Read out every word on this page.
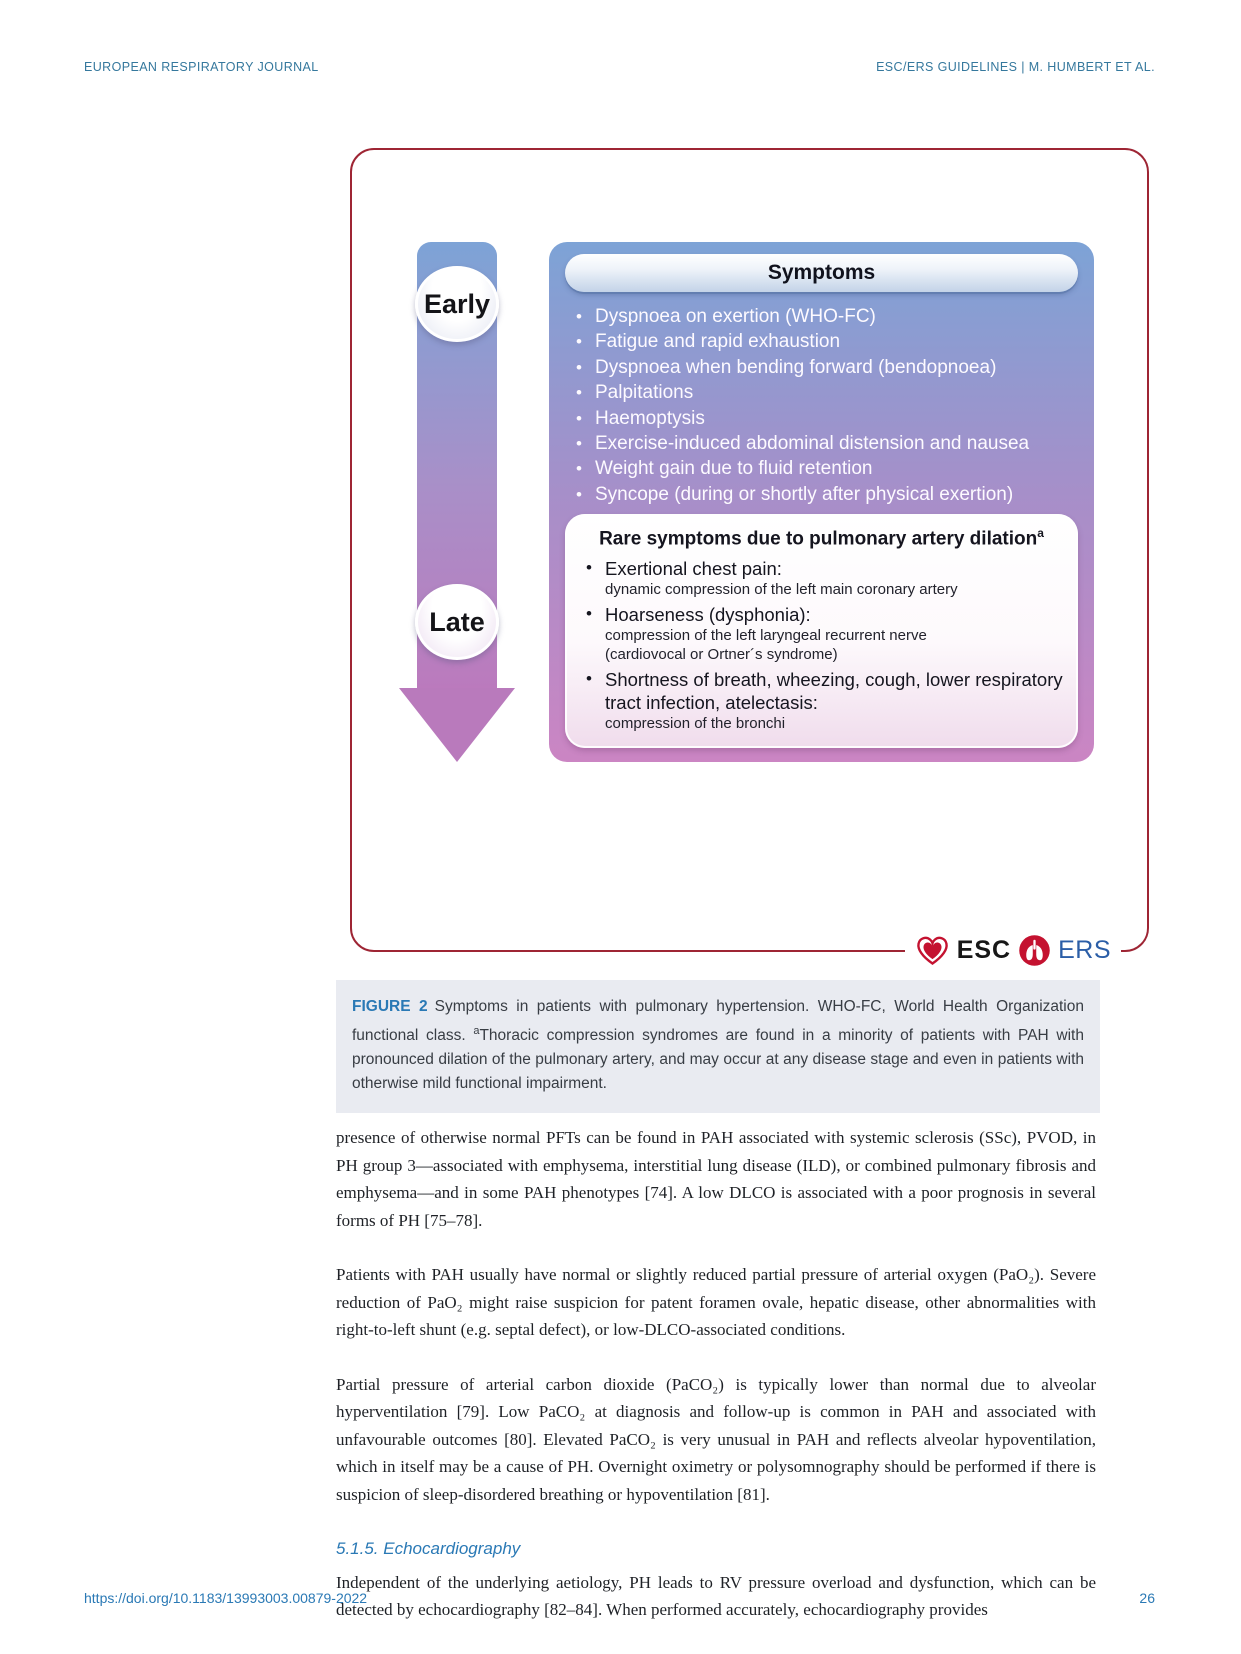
EUROPEAN RESPIRATORY JOURNAL	ESC/ERS GUIDELINES | M. HUMBERT ET AL.
Early
Late
Symptoms
• Dyspnoea on exertion (WHO-FC)
• Fatigue and rapid exhaustion
• Dyspnoea when bending forward (bendopnoea)
• Palpitations
• Haemoptysis
• Exercise-induced abdominal distension and nausea
• Weight gain due to fluid retention
• Syncope (during or shortly after physical exertion)
Rare symptoms due to pulmonary artery dilation$^a$
• Exertional chest pain:
dynamic compression of the left main coronary artery
• Hoarseness (dysphonia):
compression of the left laryngeal recurrent nerve
(cardiovocal or Ortner´s syndrome)
• Shortness of breath, wheezing, cough, lower respiratory tract infection, atelectasis:
compression of the bronchi
ESC ERS
FIGURE 2 Symptoms in patients with pulmonary hypertension. WHO-FC, World Health Organization functional class. $^a$Thoracic compression syndromes are found in a minority of patients with PAH with pronounced dilation of the pulmonary artery, and may occur at any disease stage and even in patients with otherwise mild functional impairment.

presence of otherwise normal PFTs can be found in PAH associated with systemic sclerosis (SSc), PVOD, in PH group 3—associated with emphysema, interstitial lung disease (ILD), or combined pulmonary fibrosis and emphysema—and in some PAH phenotypes [74]. A low DLCO is associated with a poor prognosis in several forms of PH [75–78].

Patients with PAH usually have normal or slightly reduced partial pressure of arterial oxygen (PaO₂). Severe reduction of PaO₂ might raise suspicion for patent foramen ovale, hepatic disease, other abnormalities with right-to-left shunt (e.g. septal defect), or low-DLCO-associated conditions.

Partial pressure of arterial carbon dioxide (PaCO₂) is typically lower than normal due to alveolar hyperventilation [79]. Low PaCO₂ at diagnosis and follow-up is common in PAH and associated with unfavourable outcomes [80]. Elevated PaCO₂ is very unusual in PAH and reflects alveolar hypoventilation, which in itself may be a cause of PH. Overnight oximetry or polysomnography should be performed if there is suspicion of sleep-disordered breathing or hypoventilation [81].

5.1.5. Echocardiography

Independent of the underlying aetiology, PH leads to RV pressure overload and dysfunction, which can be detected by echocardiography [82–84]. When performed accurately, echocardiography provides

https://doi.org/10.1183/13993003.00879-2022	26
